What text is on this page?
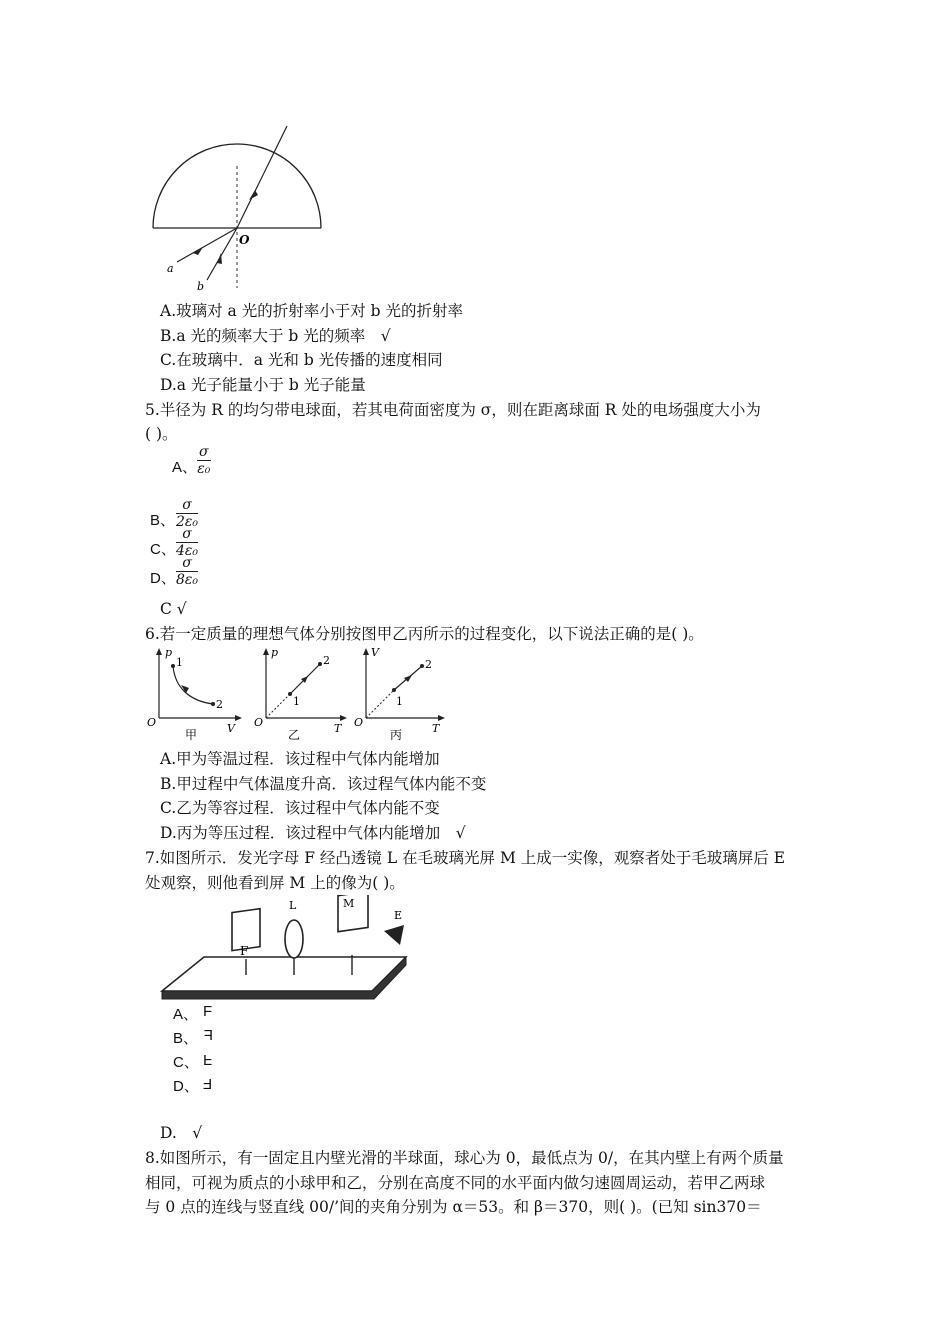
O
a
b
A.玻璃对 a 光的折射率小于对 b 光的折射率
B.a 光的频率大于 b 光的频率　√
C.在玻璃中．a 光和 b 光传播的速度相同
D.a 光子能量小于 b 光子能量
5.半径为 R 的均匀带电球面，若其电荷面密度为 σ，则在距离球面 R 处的电场强度大小为
( )。
A、 $\frac{\sigma}{\text{ε₀}}$
B、 $\frac{\sigma}{\text{2ε₀}}$
C、 $\frac{\sigma}{\text{4ε₀}}$
D、 $\frac{\sigma}{\text{8ε₀}}$
C √
6.若一定质量的理想气体分别按图甲乙丙所示的过程变化，以下说法正确的是( )。
p
V
O
1
2
甲
p
T
O
1
2
乙
V
T
O
1
2
丙
A.甲为等温过程．该过程中气体内能增加
B.甲过程中气体温度升高．该过程气体内能不变
C.乙为等容过程．该过程中气体内能不变
D.丙为等压过程．该过程中气体内能增加　√
7.如图所示．发光字母 F 经凸透镜 L 在毛玻璃光屏 M 上成一实像，观察者处于毛玻璃屏后 E
处观察，则他看到屏 M 上的像为( )。
F
L	M
E
A、 F
B、 F
C、 F
D、 F
D.　√
8.如图所示，有一固定且内壁光滑的半球面，球心为 0，最低点为 0/，在其内壁上有两个质量
相同，可视为质点的小球甲和乙，分别在高度不同的水平面内做匀速圆周运动，若甲乙两球
与 0 点的连线与竖直线 00/’间的夹角分别为 α＝53。和 β＝370，则( )。(已知 sin370＝
